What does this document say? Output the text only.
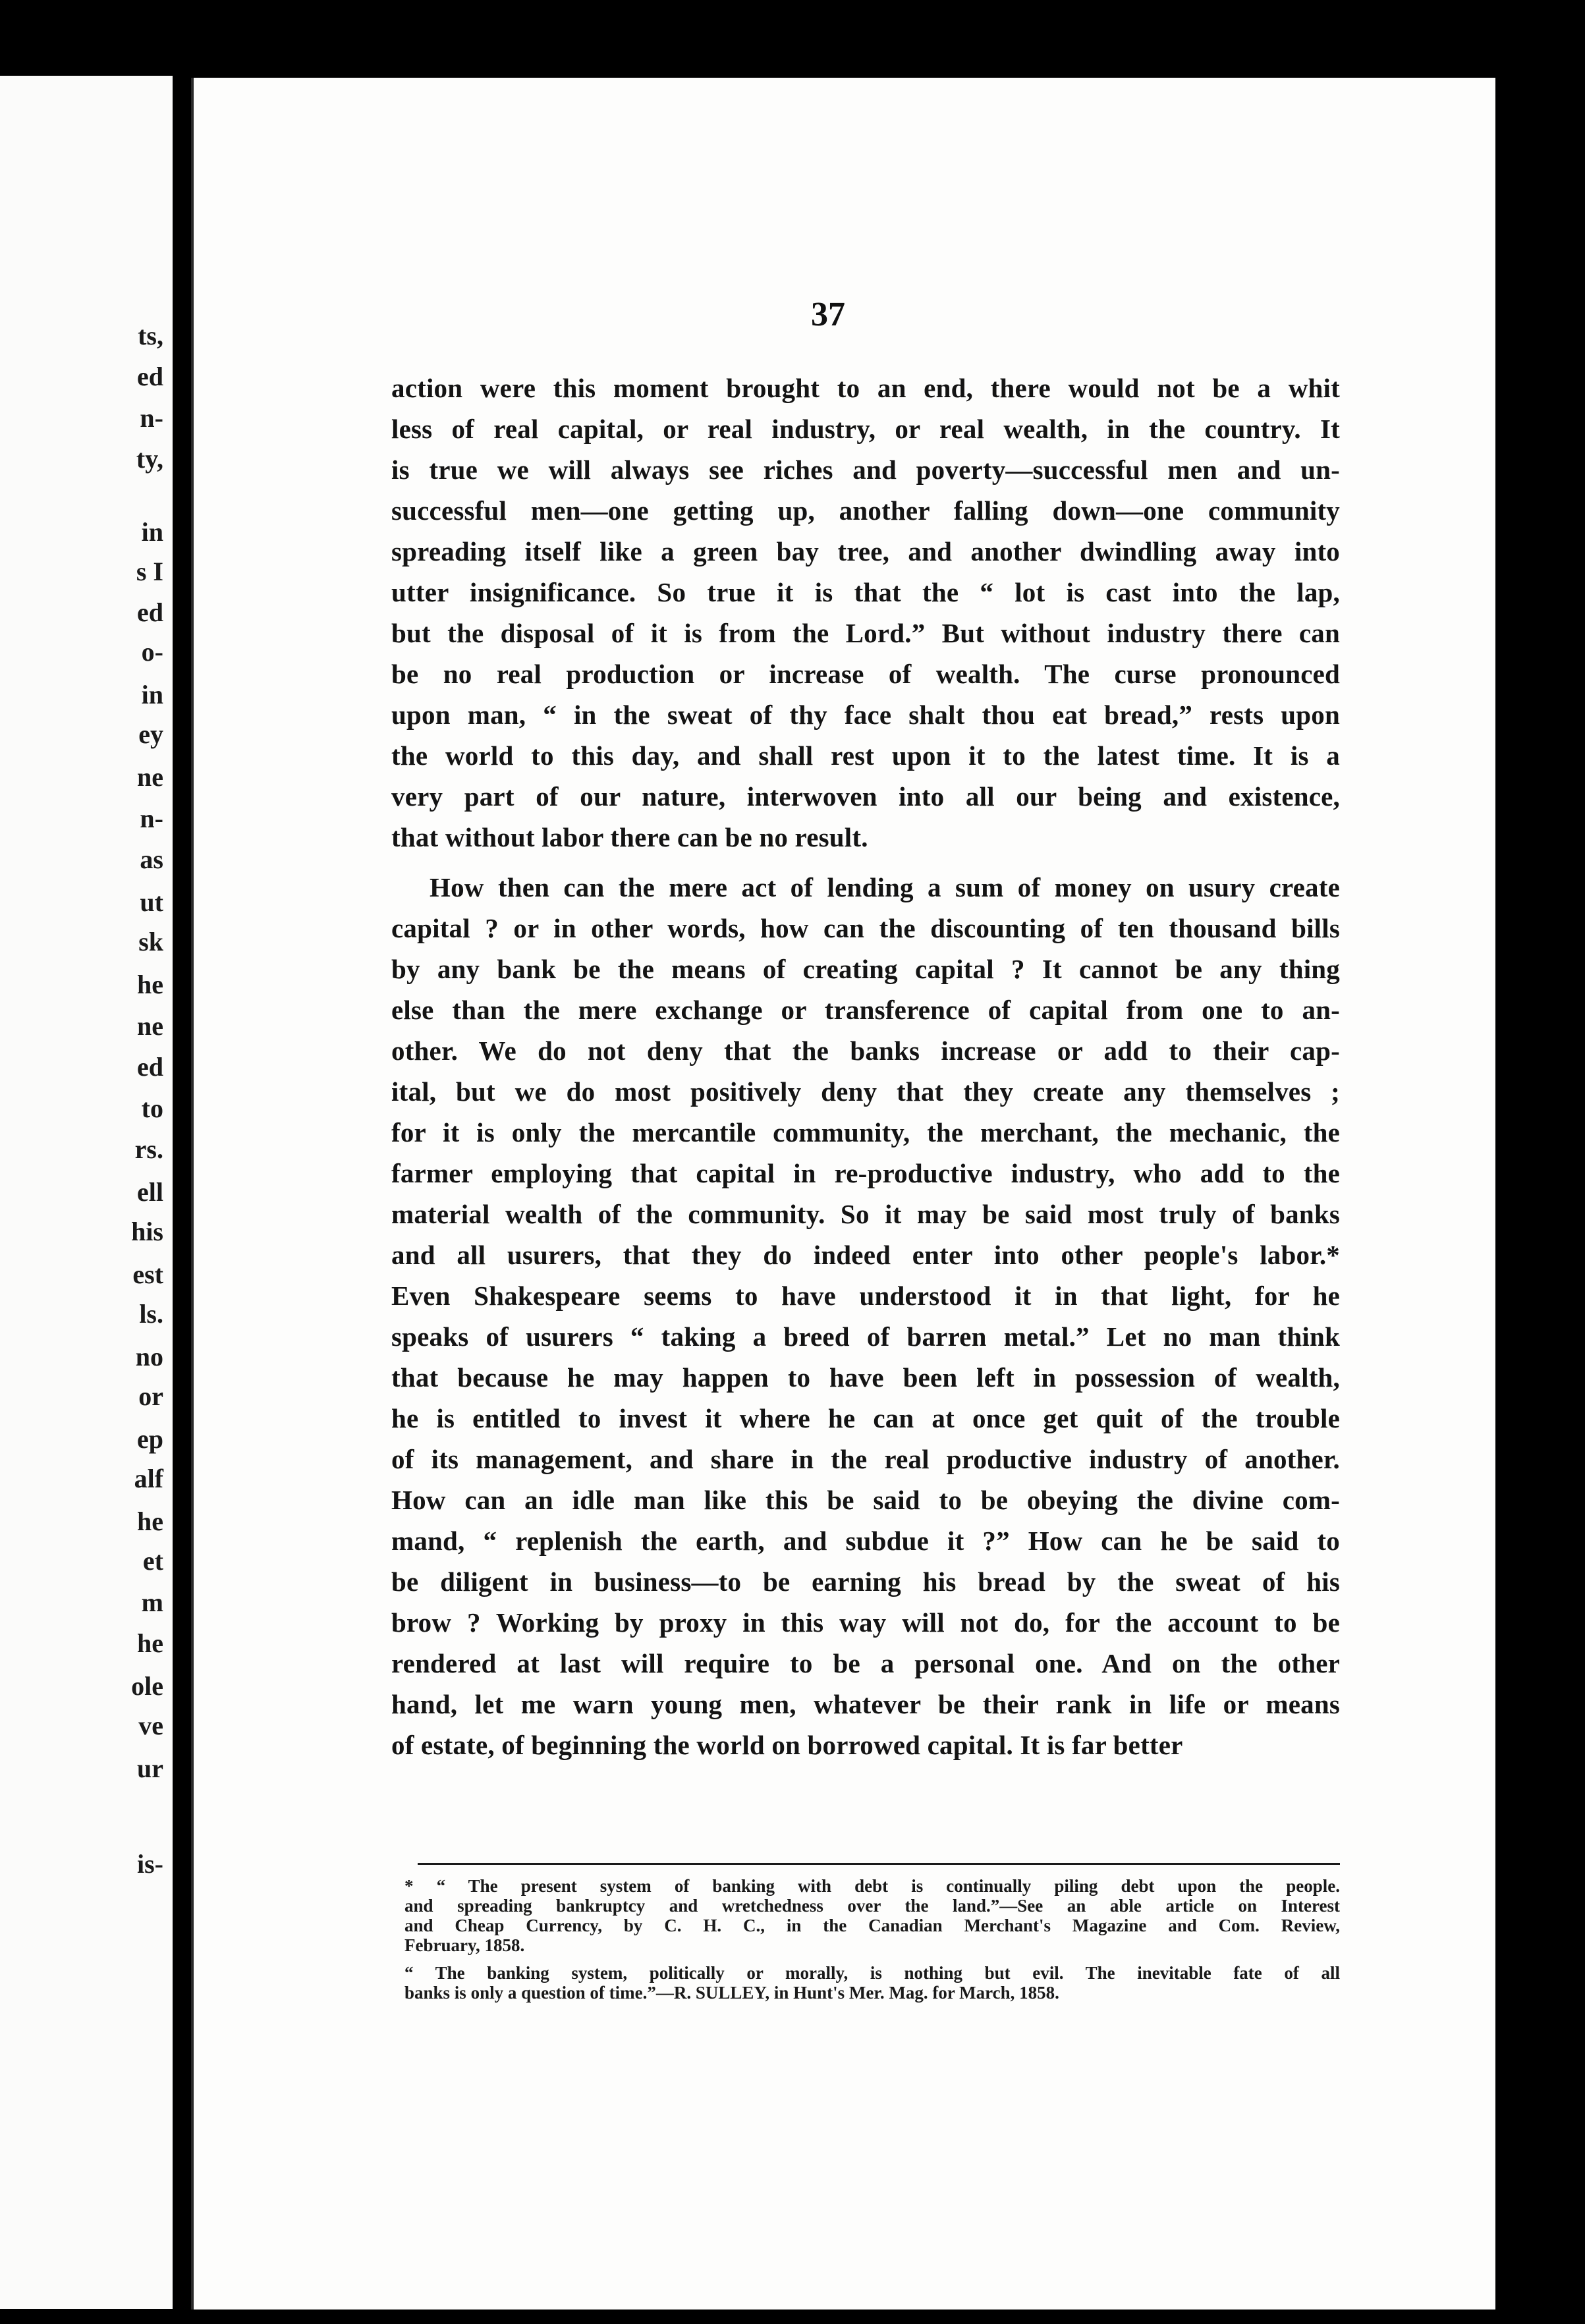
ts,
ed
n-
ty,
in
s I
ed
o-
in
ey
ne
n-
as
ut
sk
he
ne
ed
to
rs.
ell
his
est
ls.
no
or
ep
alf
he
et
m
he
ole
ve
ur
is-
37
action were this moment brought to an end, there would not be a whit
less of real capital, or real industry, or real wealth, in the country. It
is true we will always see riches and poverty—successful men and un-
successful men—one getting up, another falling down—one community
spreading itself like a green bay tree, and another dwindling away into
utter insignificance. So true it is that the “ lot is cast into the lap,
but the disposal of it is from the Lord.” But without industry there can
be no real production or increase of wealth. The curse pronounced
upon man, “ in the sweat of thy face shalt thou eat bread,” rests upon
the world to this day, and shall rest upon it to the latest time. It is a
very part of our nature, interwoven into all our being and existence,
that without labor there can be no result.
How then can the mere act of lending a sum of money on usury create
capital ? or in other words, how can the discounting of ten thousand bills
by any bank be the means of creating capital ? It cannot be any thing
else than the mere exchange or transference of capital from one to an-
other. We do not deny that the banks increase or add to their cap-
ital, but we do most positively deny that they create any themselves ;
for it is only the mercantile community, the merchant, the mechanic, the
farmer employing that capital in re-productive industry, who add to the
material wealth of the community. So it may be said most truly of banks
and all usurers, that they do indeed enter into other people's labor.*
Even Shakespeare seems to have understood it in that light, for he
speaks of usurers “ taking a breed of barren metal.” Let no man think
that because he may happen to have been left in possession of wealth,
he is entitled to invest it where he can at once get quit of the trouble
of its management, and share in the real productive industry of another.
How can an idle man like this be said to be obeying the divine com-
mand, “ replenish the earth, and subdue it ?” How can he be said to
be diligent in business—to be earning his bread by the sweat of his
brow ? Working by proxy in this way will not do, for the account to be
rendered at last will require to be a personal one. And on the other
hand, let me warn young men, whatever be their rank in life or means
of estate, of beginning the world on borrowed capital. It is far better
* “ The present system of banking with debt is continually piling debt upon the people.
and spreading bankruptcy and wretchedness over the land.”—See an able article on Interest
and Cheap Currency, by C. H. C., in the Canadian Merchant's Magazine and Com. Review,
February, 1858.
“ The banking system, politically or morally, is nothing but evil. The inevitable fate of all
banks is only a question of time.”—R. SULLEY, in Hunt's Mer. Mag. for March, 1858.
